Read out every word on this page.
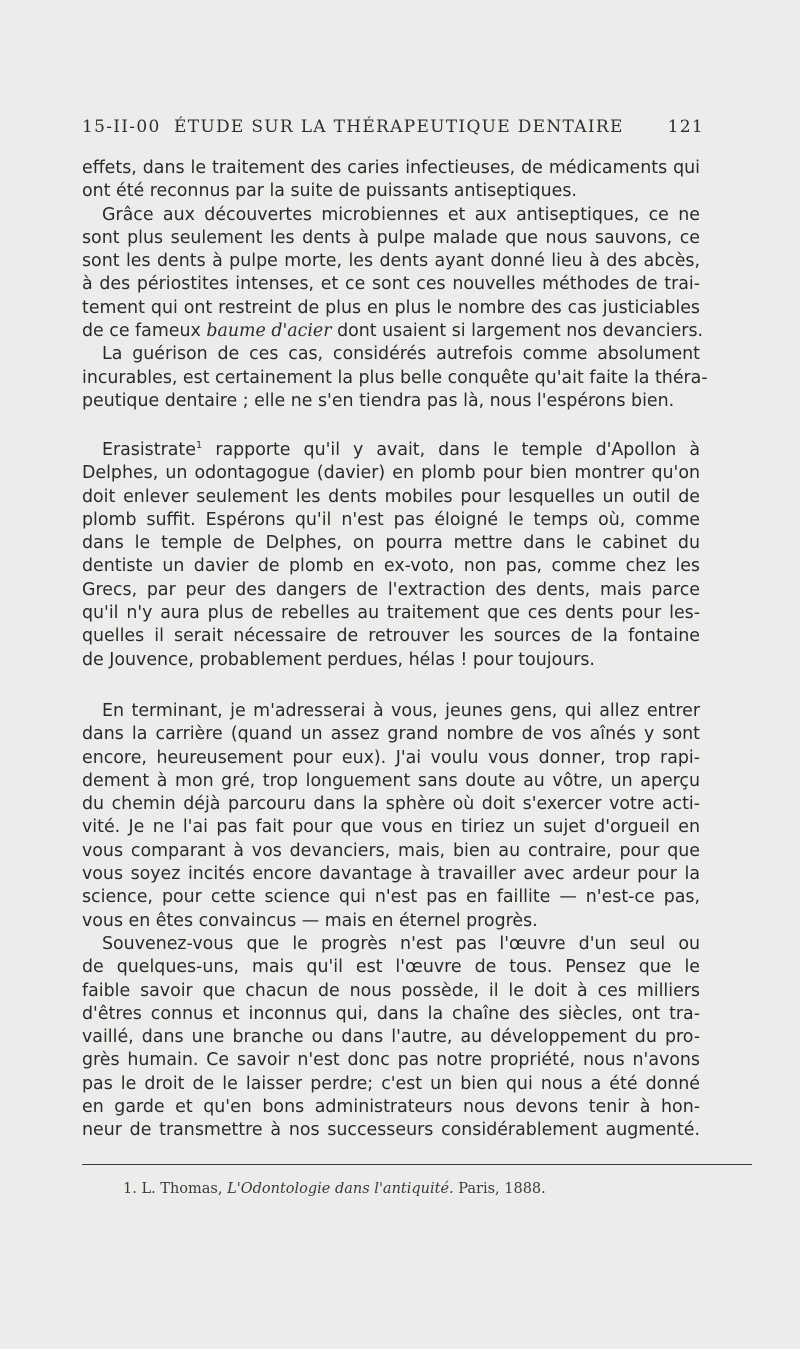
15-II-00 ÉTUDE SUR LA THÉRAPEUTIQUE DENTAIRE	121
effets, dans le traitement des caries infectieuses, de médicaments qui
ont été reconnus par la suite de puissants antiseptiques.
Grâce aux découvertes microbiennes et aux antiseptiques, ce ne
sont plus seulement les dents à pulpe malade que nous sauvons, ce
sont les dents à pulpe morte, les dents ayant donné lieu à des abcès,
à des périostites intenses, et ce sont ces nouvelles méthodes de trai-
tement qui ont restreint de plus en plus le nombre des cas justiciables
de ce fameux baume d'acier dont usaient si largement nos devanciers.
La guérison de ces cas, considérés autrefois comme absolument
incurables, est certainement la plus belle conquête qu'ait faite la théra-
peutique dentaire ; elle ne s'en tiendra pas là, nous l'espérons bien.
Erasistrate$^1$ rapporte qu'il y avait, dans le temple d'Apollon à
Delphes, un odontagogue (davier) en plomb pour bien montrer qu'on
doit enlever seulement les dents mobiles pour lesquelles un outil de
plomb suffit. Espérons qu'il n'est pas éloigné le temps où, comme
dans le temple de Delphes, on pourra mettre dans le cabinet du
dentiste un davier de plomb en ex-voto, non pas, comme chez les
Grecs, par peur des dangers de l'extraction des dents, mais parce
qu'il n'y aura plus de rebelles au traitement que ces dents pour les-
quelles il serait nécessaire de retrouver les sources de la fontaine
de Jouvence, probablement perdues, hélas ! pour toujours.
En terminant, je m'adresserai à vous, jeunes gens, qui allez entrer
dans la carrière (quand un assez grand nombre de vos aînés y sont
encore, heureusement pour eux). J'ai voulu vous donner, trop rapi-
dement à mon gré, trop longuement sans doute au vôtre, un aperçu
du chemin déjà parcouru dans la sphère où doit s'exercer votre acti-
vité. Je ne l'ai pas fait pour que vous en tiriez un sujet d'orgueil en
vous comparant à vos devanciers, mais, bien au contraire, pour que
vous soyez incités encore davantage à travailler avec ardeur pour la
science, pour cette science qui n'est pas en faillite — n'est-ce pas,
vous en êtes convaincus — mais en éternel progrès.
Souvenez-vous que le progrès n'est pas l'œuvre d'un seul ou
de quelques-uns, mais qu'il est l'œuvre de tous. Pensez que le
faible savoir que chacun de nous possède, il le doit à ces milliers
d'êtres connus et inconnus qui, dans la chaîne des siècles, ont tra-
vaillé, dans une branche ou dans l'autre, au développement du pro-
grès humain. Ce savoir n'est donc pas notre propriété, nous n'avons
pas le droit de le laisser perdre; c'est un bien qui nous a été donné
en garde et qu'en bons administrateurs nous devons tenir à hon-
neur de transmettre à nos successeurs considérablement augmenté.
1. L. Thomas, L'Odontologie dans l'antiquité. Paris, 1888.
